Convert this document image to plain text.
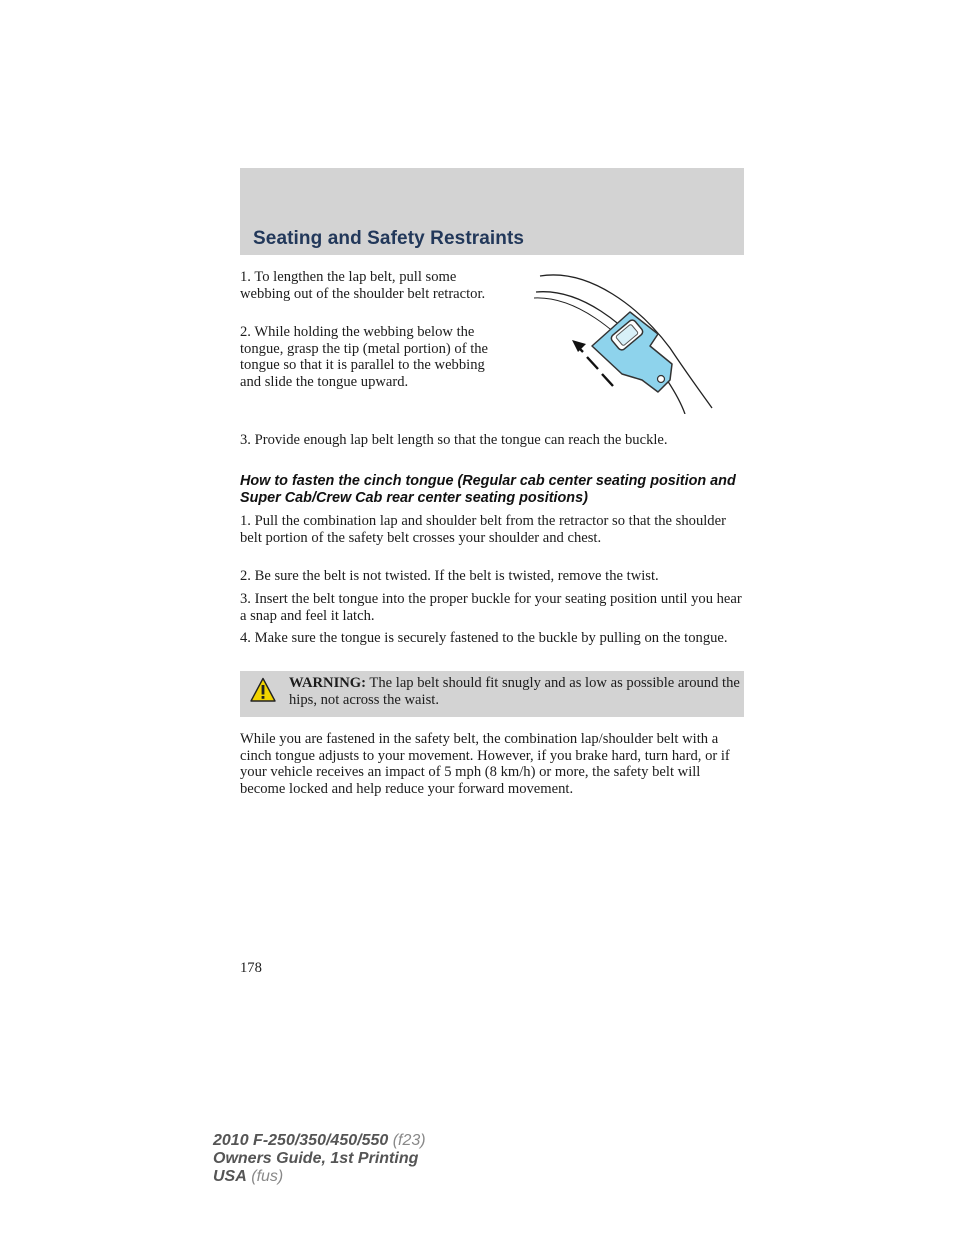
Seating and Safety Restraints

1. To lengthen the lap belt, pull some webbing out of the shoulder belt retractor.

2. While holding the webbing below the tongue, grasp the tip (metal portion) of the tongue so that it is parallel to the webbing and slide the tongue upward.

3. Provide enough lap belt length so that the tongue can reach the buckle.

How to fasten the cinch tongue (Regular cab center seating position and Super Cab/Crew Cab rear center seating positions)

1. Pull the combination lap and shoulder belt from the retractor so that the shoulder belt portion of the safety belt crosses your shoulder and chest.

2. Be sure the belt is not twisted. If the belt is twisted, remove the twist.

3. Insert the belt tongue into the proper buckle for your seating position until you hear a snap and feel it latch.

4. Make sure the tongue is securely fastened to the buckle by pulling on the tongue.

WARNING: The lap belt should fit snugly and as low as possible around the hips, not across the waist.

While you are fastened in the safety belt, the combination lap/shoulder belt with a cinch tongue adjusts to your movement. However, if you brake hard, turn hard, or if your vehicle receives an impact of 5 mph (8 km/h) or more, the safety belt will become locked and help reduce your forward movement.

178
2010 F-250/350/450/550 (f23)
Owners Guide, 1st Printing
USA (fus)
